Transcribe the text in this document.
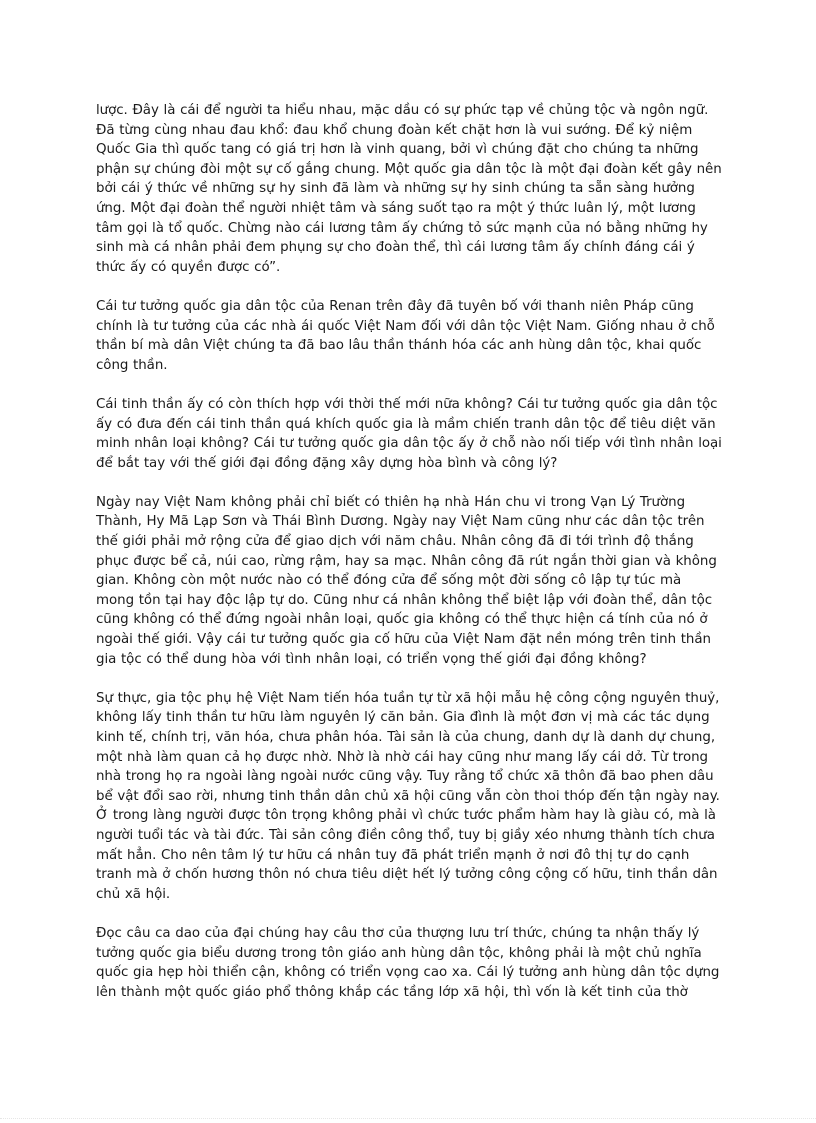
lược. Đây là cái để người ta hiểu nhau, mặc dầu có sự phức tạp về chủng tộc và ngôn ngữ.
Đã từng cùng nhau đau khổ: đau khổ chung đoàn kết chặt hơn là vui sướng. Để kỷ niệm
Quốc Gia thì quốc tang có giá trị hơn là vinh quang, bởi vì chúng đặt cho chúng ta những
phận sự chúng đòi một sự cố gắng chung. Một quốc gia dân tộc là một đại đoàn kết gây nên
bởi cái ý thức về những sự hy sinh đã làm và những sự hy sinh chúng ta sẵn sàng hưởng
ứng. Một đại đoàn thể người nhiệt tâm và sáng suốt tạo ra một ý thức luân lý, một lương
tâm gọi là tổ quốc. Chừng nào cái lương tâm ấy chứng tỏ sức mạnh của nó bằng những hy
sinh mà cá nhân phải đem phụng sự cho đoàn thể, thì cái lương tâm ấy chính đáng cái ý
thức ấy có quyền được có”.

Cái tư tưởng quốc gia dân tộc của Renan trên đây đã tuyên bố với thanh niên Pháp cũng
chính là tư tưởng của các nhà ái quốc Việt Nam đối với dân tộc Việt Nam. Giống nhau ở chỗ
thần bí mà dân Việt chúng ta đã bao lâu thần thánh hóa các anh hùng dân tộc, khai quốc
công thần.

Cái tinh thần ấy có còn thích hợp với thời thế mới nữa không? Cái tư tưởng quốc gia dân tộc
ấy có đưa đến cái tinh thần quá khích quốc gia là mầm chiến tranh dân tộc để tiêu diệt văn
minh nhân loại không? Cái tư tưởng quốc gia dân tộc ấy ở chỗ nào nối tiếp với tình nhân loại
để bắt tay với thế giới đại đồng đặng xây dựng hòa bình và công lý?

Ngày nay Việt Nam không phải chỉ biết có thiên hạ nhà Hán chu vi trong Vạn Lý Trường
Thành, Hy Mã Lạp Sơn và Thái Bình Dương. Ngày nay Việt Nam cũng như các dân tộc trên
thế giới phải mở rộng cửa để giao dịch với năm châu. Nhân công đã đi tới trình độ thắng
phục được bể cả, núi cao, rừng rậm, hay sa mạc. Nhân công đã rút ngắn thời gian và không
gian. Không còn một nước nào có thể đóng cửa để sống một đời sống cô lập tự túc mà
mong tồn tại hay độc lập tự do. Cũng như cá nhân không thể biệt lập với đoàn thể, dân tộc
cũng không có thể đứng ngoài nhân loại, quốc gia không có thể thực hiện cá tính của nó ở
ngoài thế giới. Vậy cái tư tưởng quốc gia cố hữu của Việt Nam đặt nền móng trên tinh thần
gia tộc có thể dung hòa với tình nhân loại, có triển vọng thế giới đại đồng không?

Sự thực, gia tộc phụ hệ Việt Nam tiến hóa tuần tự từ xã hội mẫu hệ công cộng nguyên thuỷ,
không lấy tinh thần tư hữu làm nguyên lý căn bản. Gia đình là một đơn vị mà các tác dụng
kinh tế, chính trị, văn hóa, chưa phân hóa. Tài sản là của chung, danh dự là danh dự chung,
một nhà làm quan cả họ được nhờ. Nhờ là nhờ cái hay cũng như mang lấy cái dở. Từ trong
nhà trong họ ra ngoài làng ngoài nước cũng vậy. Tuy rằng tổ chức xã thôn đã bao phen dâu
bể vật đổi sao rời, nhưng tinh thần dân chủ xã hội cũng vẫn còn thoi thóp đến tận ngày nay.
Ở trong làng người được tôn trọng không phải vì chức tước phẩm hàm hay là giàu có, mà là
người tuổi tác và tài đức. Tài sản công điền công thổ, tuy bị giầy xéo nhưng thành tích chưa
mất hẳn. Cho nên tâm lý tư hữu cá nhân tuy đã phát triển mạnh ở nơi đô thị tự do cạnh
tranh mà ở chốn hương thôn nó chưa tiêu diệt hết lý tưởng công cộng cố hữu, tinh thần dân
chủ xã hội.

Đọc câu ca dao của đại chúng hay câu thơ của thượng lưu trí thức, chúng ta nhận thấy lý
tưởng quốc gia biểu dương trong tôn giáo anh hùng dân tộc, không phải là một chủ nghĩa
quốc gia hẹp hòi thiển cận, không có triển vọng cao xa. Cái lý tưởng anh hùng dân tộc dựng
lên thành một quốc giáo phổ thông khắp các tầng lớp xã hội, thì vốn là kết tinh của thờ
